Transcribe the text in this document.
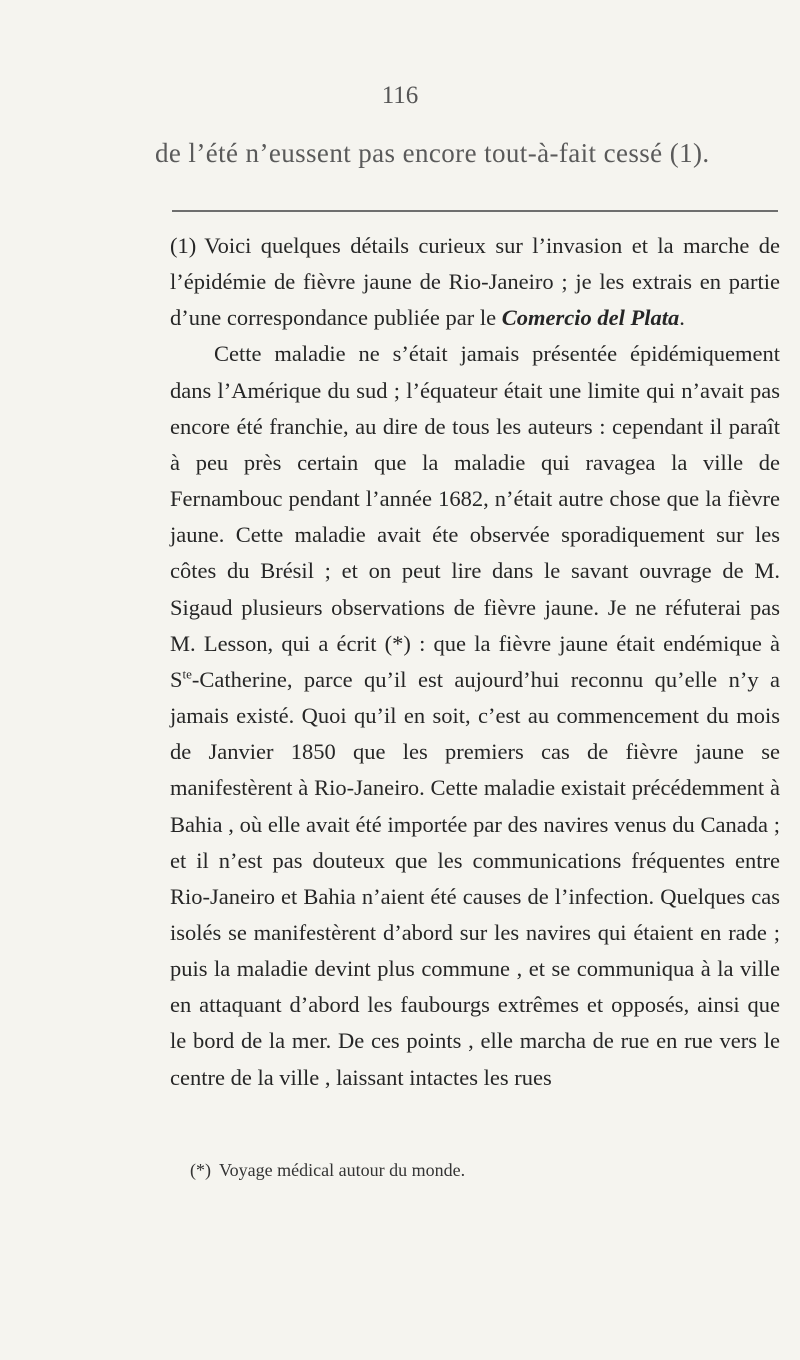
116
de l’été n’eussent pas encore tout-à-fait cessé (1).

(1) Voici quelques détails curieux sur l’invasion et la marche de l’épidémie de fièvre jaune de Rio-Janeiro ; je les extrais en partie d’une correspondance publiée par le Comercio del Plata.

Cette maladie ne s’était jamais présentée épidémiquement dans l’Amérique du sud ; l’équateur était une limite qui n’avait pas encore été franchie, au dire de tous les auteurs : cependant il paraît à peu près certain que la maladie qui ravagea la ville de Fernambouc pendant l’année 1682, n’était autre chose que la fièvre jaune. Cette maladie avait éte observée sporadiquement sur les côtes du Brésil ; et on peut lire dans le savant ouvrage de M. Sigaud plusieurs observations de fièvre jaune. Je ne réfuterai pas M. Lesson, qui a écrit (*) : que la fièvre jaune était endémique à $S^{te}$-Catherine, parce qu’il est aujourd’hui reconnu qu’elle n’y a jamais existé. Quoi qu’il en soit, c’est au commencement du mois de Janvier 1850 que les premiers cas de fièvre jaune se manifestèrent à Rio-Janeiro. Cette maladie existait précédemment à Bahia , où elle avait été importée par des navires venus du Canada ; et il n’est pas douteux que les communications fréquentes entre Rio-Janeiro et Bahia n’aient été causes de l’infection. Quelques cas isolés se manifestèrent d’abord sur les navires qui étaient en rade ; puis la maladie devint plus commune , et se communiqua à la ville en attaquant d’abord les faubourgs extrêmes et opposés, ainsi que le bord de la mer. De ces points , elle marcha de rue en rue vers le centre de la ville , laissant intactes les rues

(*) Voyage médical autour du monde.
